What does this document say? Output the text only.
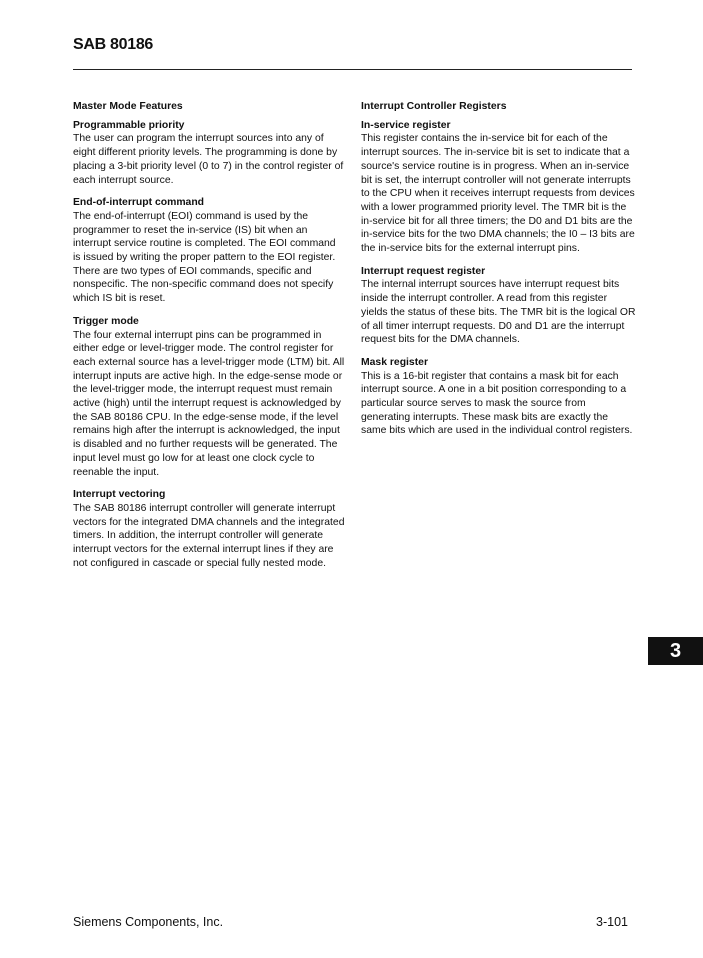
SAB 80186

Master Mode Features

Programmable priority

The user can program the interrupt sources into any of eight different priority levels. The programming is done by placing a 3-bit priority level (0 to 7) in the control register of each interrupt source.

End-of-interrupt command

The end-of-interrupt (EOI) command is used by the programmer to reset the in-service (IS) bit when an interrupt service routine is completed. The EOI command is issued by writing the proper pattern to the EOI register. There are two types of EOI commands, specific and nonspecific. The non-specific command does not specify which IS bit is reset.

Trigger mode

The four external interrupt pins can be programmed in either edge or level-trigger mode. The control register for each external source has a level-trigger mode (LTM) bit. All interrupt inputs are active high. In the edge-sense mode or the level-trigger mode, the interrupt request must remain active (high) until the interrupt request is acknowledged by the SAB 80186 CPU. In the edge-sense mode, if the level remains high after the interrupt is acknowledged, the input is disabled and no further requests will be generated. The input level must go low for at least one clock cycle to reenable the input.

Interrupt vectoring

The SAB 80186 interrupt controller will generate interrupt vectors for the integrated DMA channels and the integrated timers. In addition, the interrupt controller will generate interrupt vectors for the external interrupt lines if they are not configured in cascade or special fully nested mode.

Interrupt Controller Registers

In-service register

This register contains the in-service bit for each of the interrupt sources. The in-service bit is set to indicate that a source's service routine is in progress. When an in-service bit is set, the interrupt controller will not generate interrupts to the CPU when it receives interrupt requests from devices with a lower programmed priority level. The TMR bit is the in-service bit for all three timers; the D0 and D1 bits are the in-service bits for the two DMA channels; the I0 – I3 bits are the in-service bits for the external interrupt pins.

Interrupt request register

The internal interrupt sources have interrupt request bits inside the interrupt controller. A read from this register yields the status of these bits. The TMR bit is the logical OR of all timer interrupt requests. D0 and D1 are the interrupt request bits for the DMA channels.

Mask register

This is a 16-bit register that contains a mask bit for each interrupt source. A one in a bit position corresponding to a particular source serves to mask the source from generating interrupts. These mask bits are exactly the same bits which are used in the individual control registers.

3
Siemens Components, Inc.	3-101
